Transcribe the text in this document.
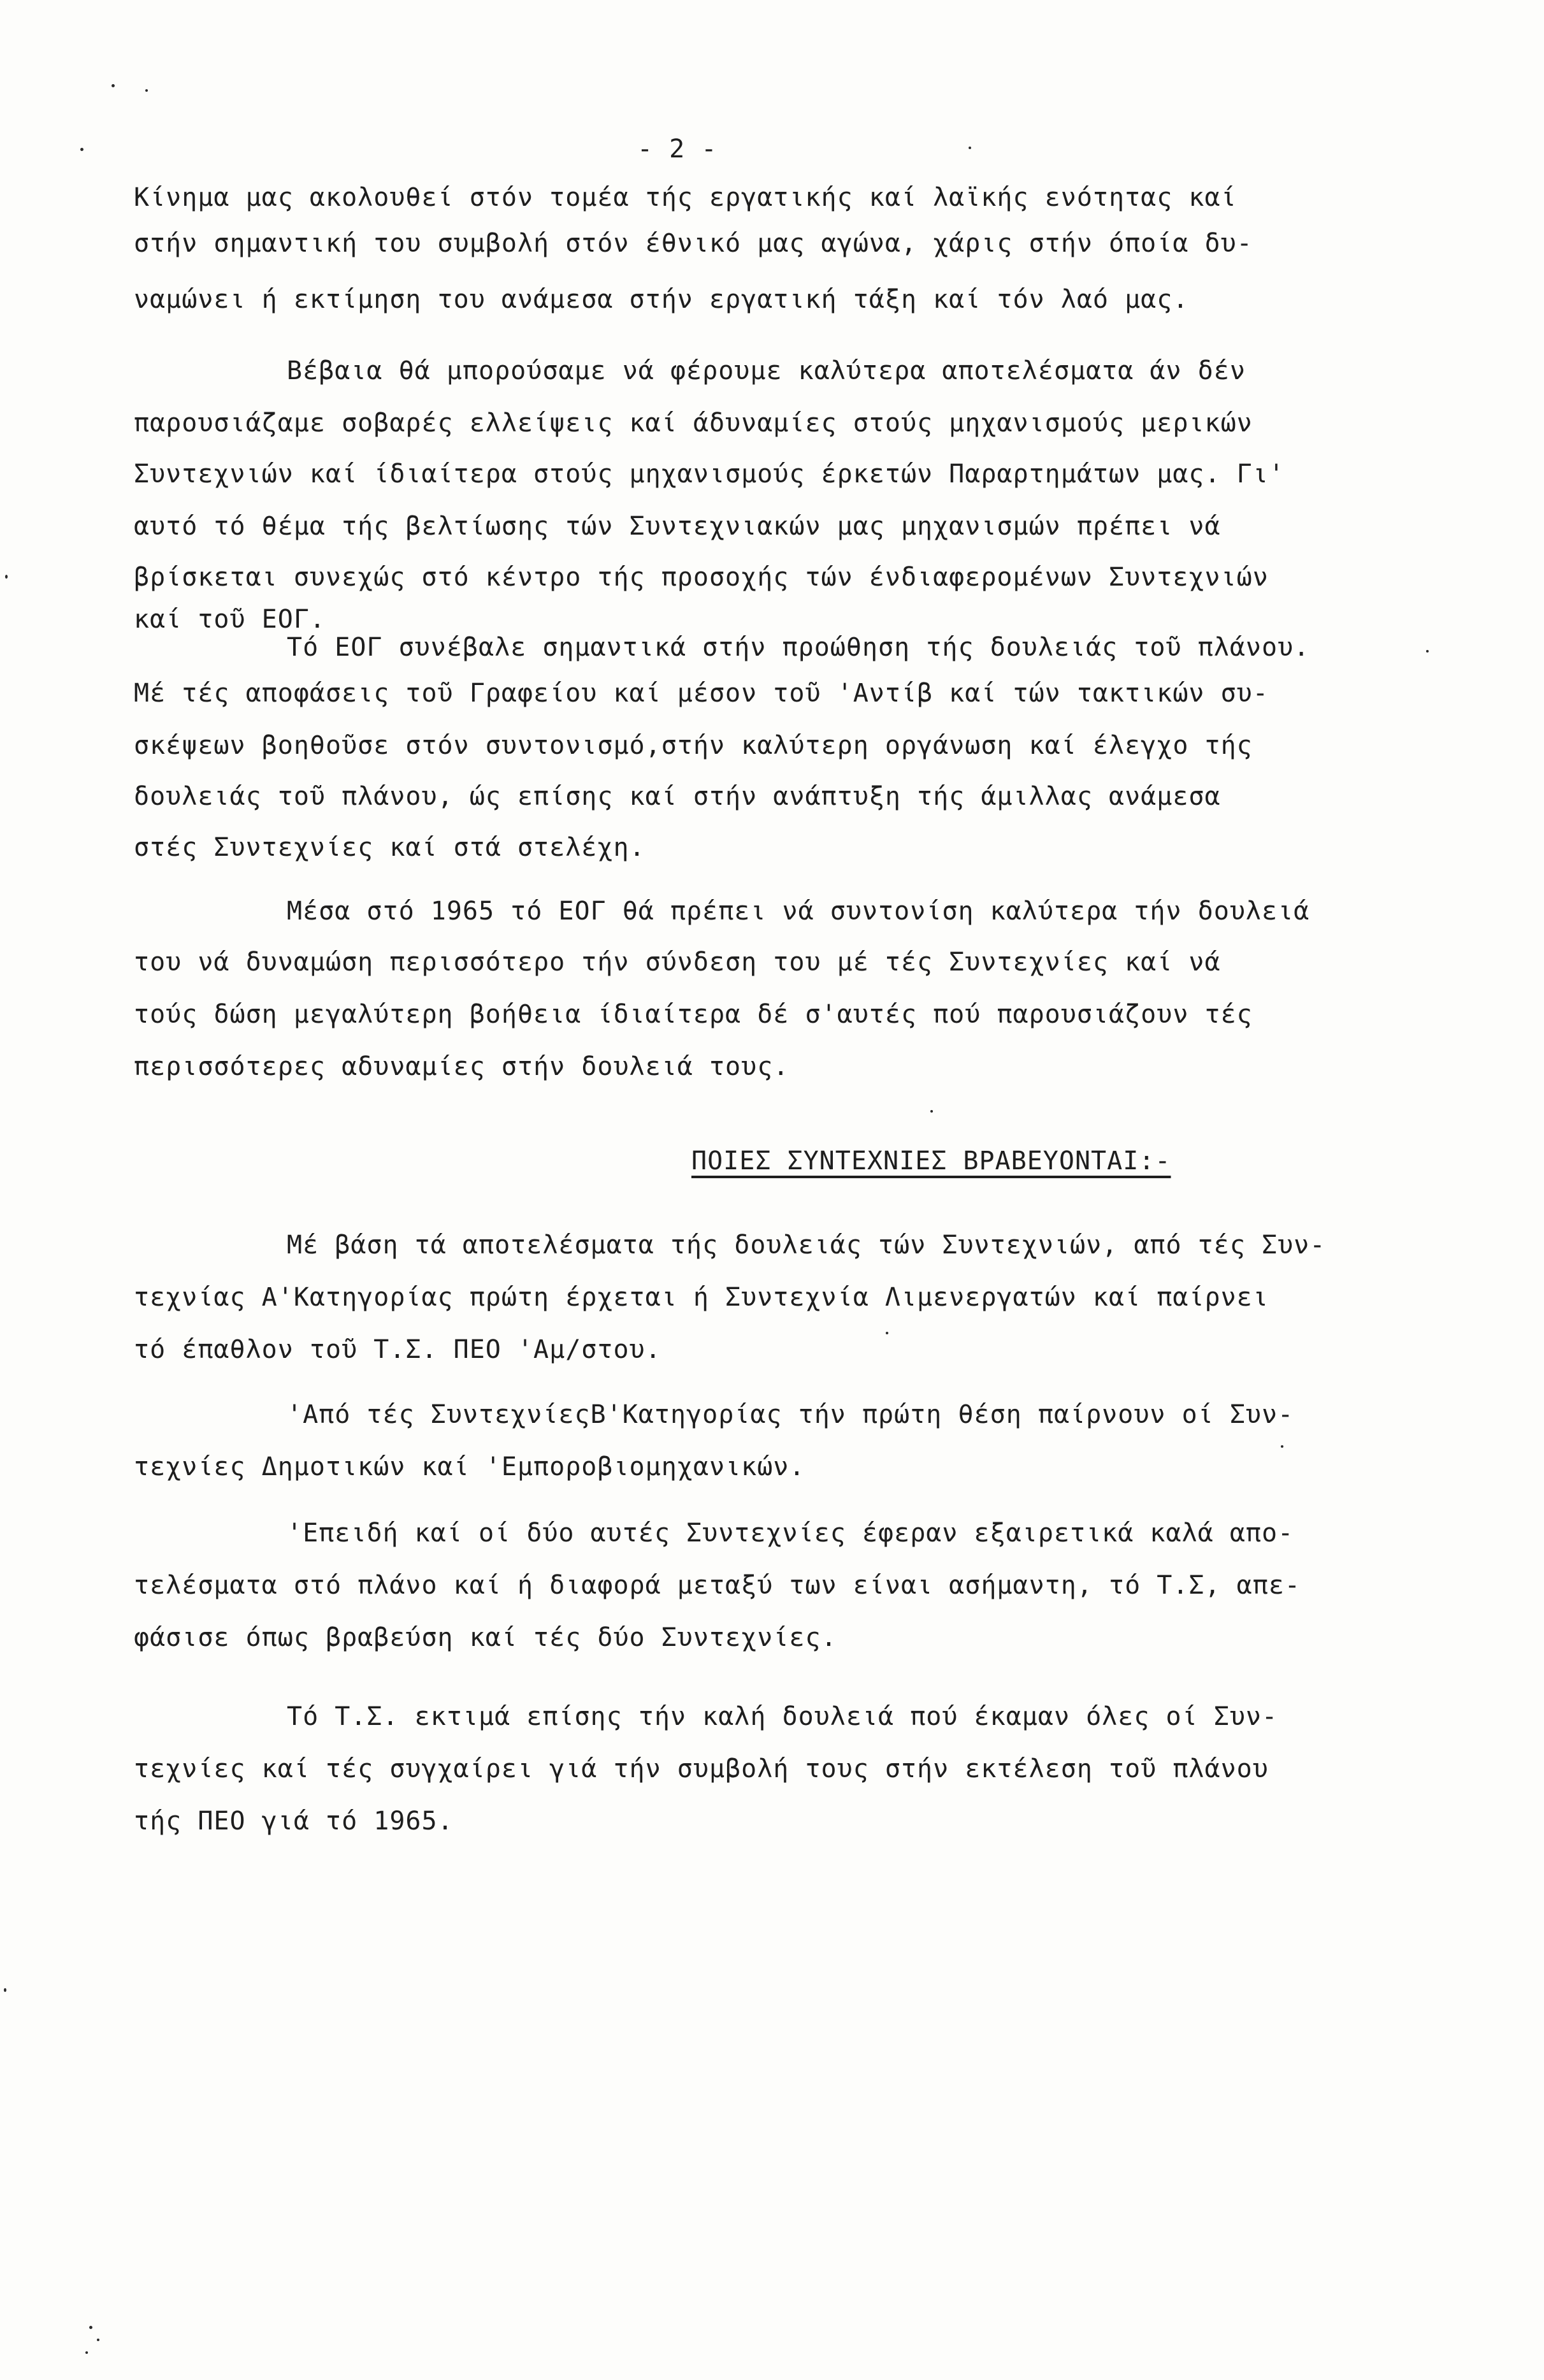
- 2 -
Κίνημα μας ακολουθεί στόν τομέα τής εργατικής καί λαϊκής ενότητας καί
στήν σημαντική του συμβολή στόν έθνικό μας αγώνα, χάρις στήν όποία δυ-
ναμώνει ή εκτίμηση του ανάμεσα στήν εργατική τάξη καί τόν λαό μας.
Βέβαια θά μπορούσαμε νά φέρουμε καλύτερα αποτελέσματα άν δέν
παρουσιάζαμε σοβαρές ελλείψεις καί άδυναμίες στούς μηχανισμούς μερικών
Συντεχνιών καί ίδιαίτερα στούς μηχανισμούς έρκετών Παραρτημάτων μας. Γι'
αυτό τό θέμα τής βελτίωσης τών Συντεχνιακών μας μηχανισμών πρέπει νά
βρίσκεται συνεχώς στό κέντρο τής προσοχής τών ένδιαφερομένων Συντεχνιών
καί τοῦ ΕΟΓ.
Τό ΕΟΓ συνέβαλε σημαντικά στήν προώθηση τής δουλειάς τοῦ πλάνου.
Μέ τές αποφάσεις τοῦ Γραφείου καί μέσον τοῦ 'Αντίβ καί τών τακτικών συ-
σκέψεων βοηθοῦσε στόν συντονισμό,στήν καλύτερη οργάνωση καί έλεγχο τής
δουλειάς τοῦ πλάνου, ώς επίσης καί στήν ανάπτυξη τής άμιλλας ανάμεσα
στές Συντεχνίες καί στά στελέχη.
Μέσα στό 1965 τό ΕΟΓ θά πρέπει νά συντονίση καλύτερα τήν δουλειά
του νά δυναμώση περισσότερο τήν σύνδεση του μέ τές Συντεχνίες καί νά
τούς δώση μεγαλύτερη βοήθεια ίδιαίτερα δέ σ'αυτές πού παρουσιάζουν τές
περισσότερες αδυναμίες στήν δουλειά τους.
ΠΟΙΕΣ ΣΥΝΤΕΧΝΙΕΣ ΒΡΑΒΕΥΟΝΤΑΙ:-
Μέ βάση τά αποτελέσματα τής δουλειάς τών Συντεχνιών, από τές Συν-
τεχνίας Α'Κατηγορίας πρώτη έρχεται ή Συντεχνία Λιμενεργατών καί παίρνει
τό έπαθλον τοῦ Τ.Σ. ΠΕΟ 'Αμ/στου.
'Από τές ΣυντεχνίεςΒ'Κατηγορίας τήν πρώτη θέση παίρνουν οί Συν-
τεχνίες Δημοτικών καί 'Εμποροβιομηχανικών.
'Επειδή καί οί δύο αυτές Συντεχνίες έφεραν εξαιρετικά καλά απο-
τελέσματα στό πλάνο καί ή διαφορά μεταξύ των είναι ασήμαντη, τό Τ.Σ, απε-
φάσισε όπως βραβεύση καί τές δύο Συντεχνίες.
Τό Τ.Σ. εκτιμά επίσης τήν καλή δουλειά πού έκαμαν όλες οί Συν-
τεχνίες καί τές συγχαίρει γιά τήν συμβολή τους στήν εκτέλεση τοῦ πλάνου
τής ΠΕΟ γιά τό 1965.
